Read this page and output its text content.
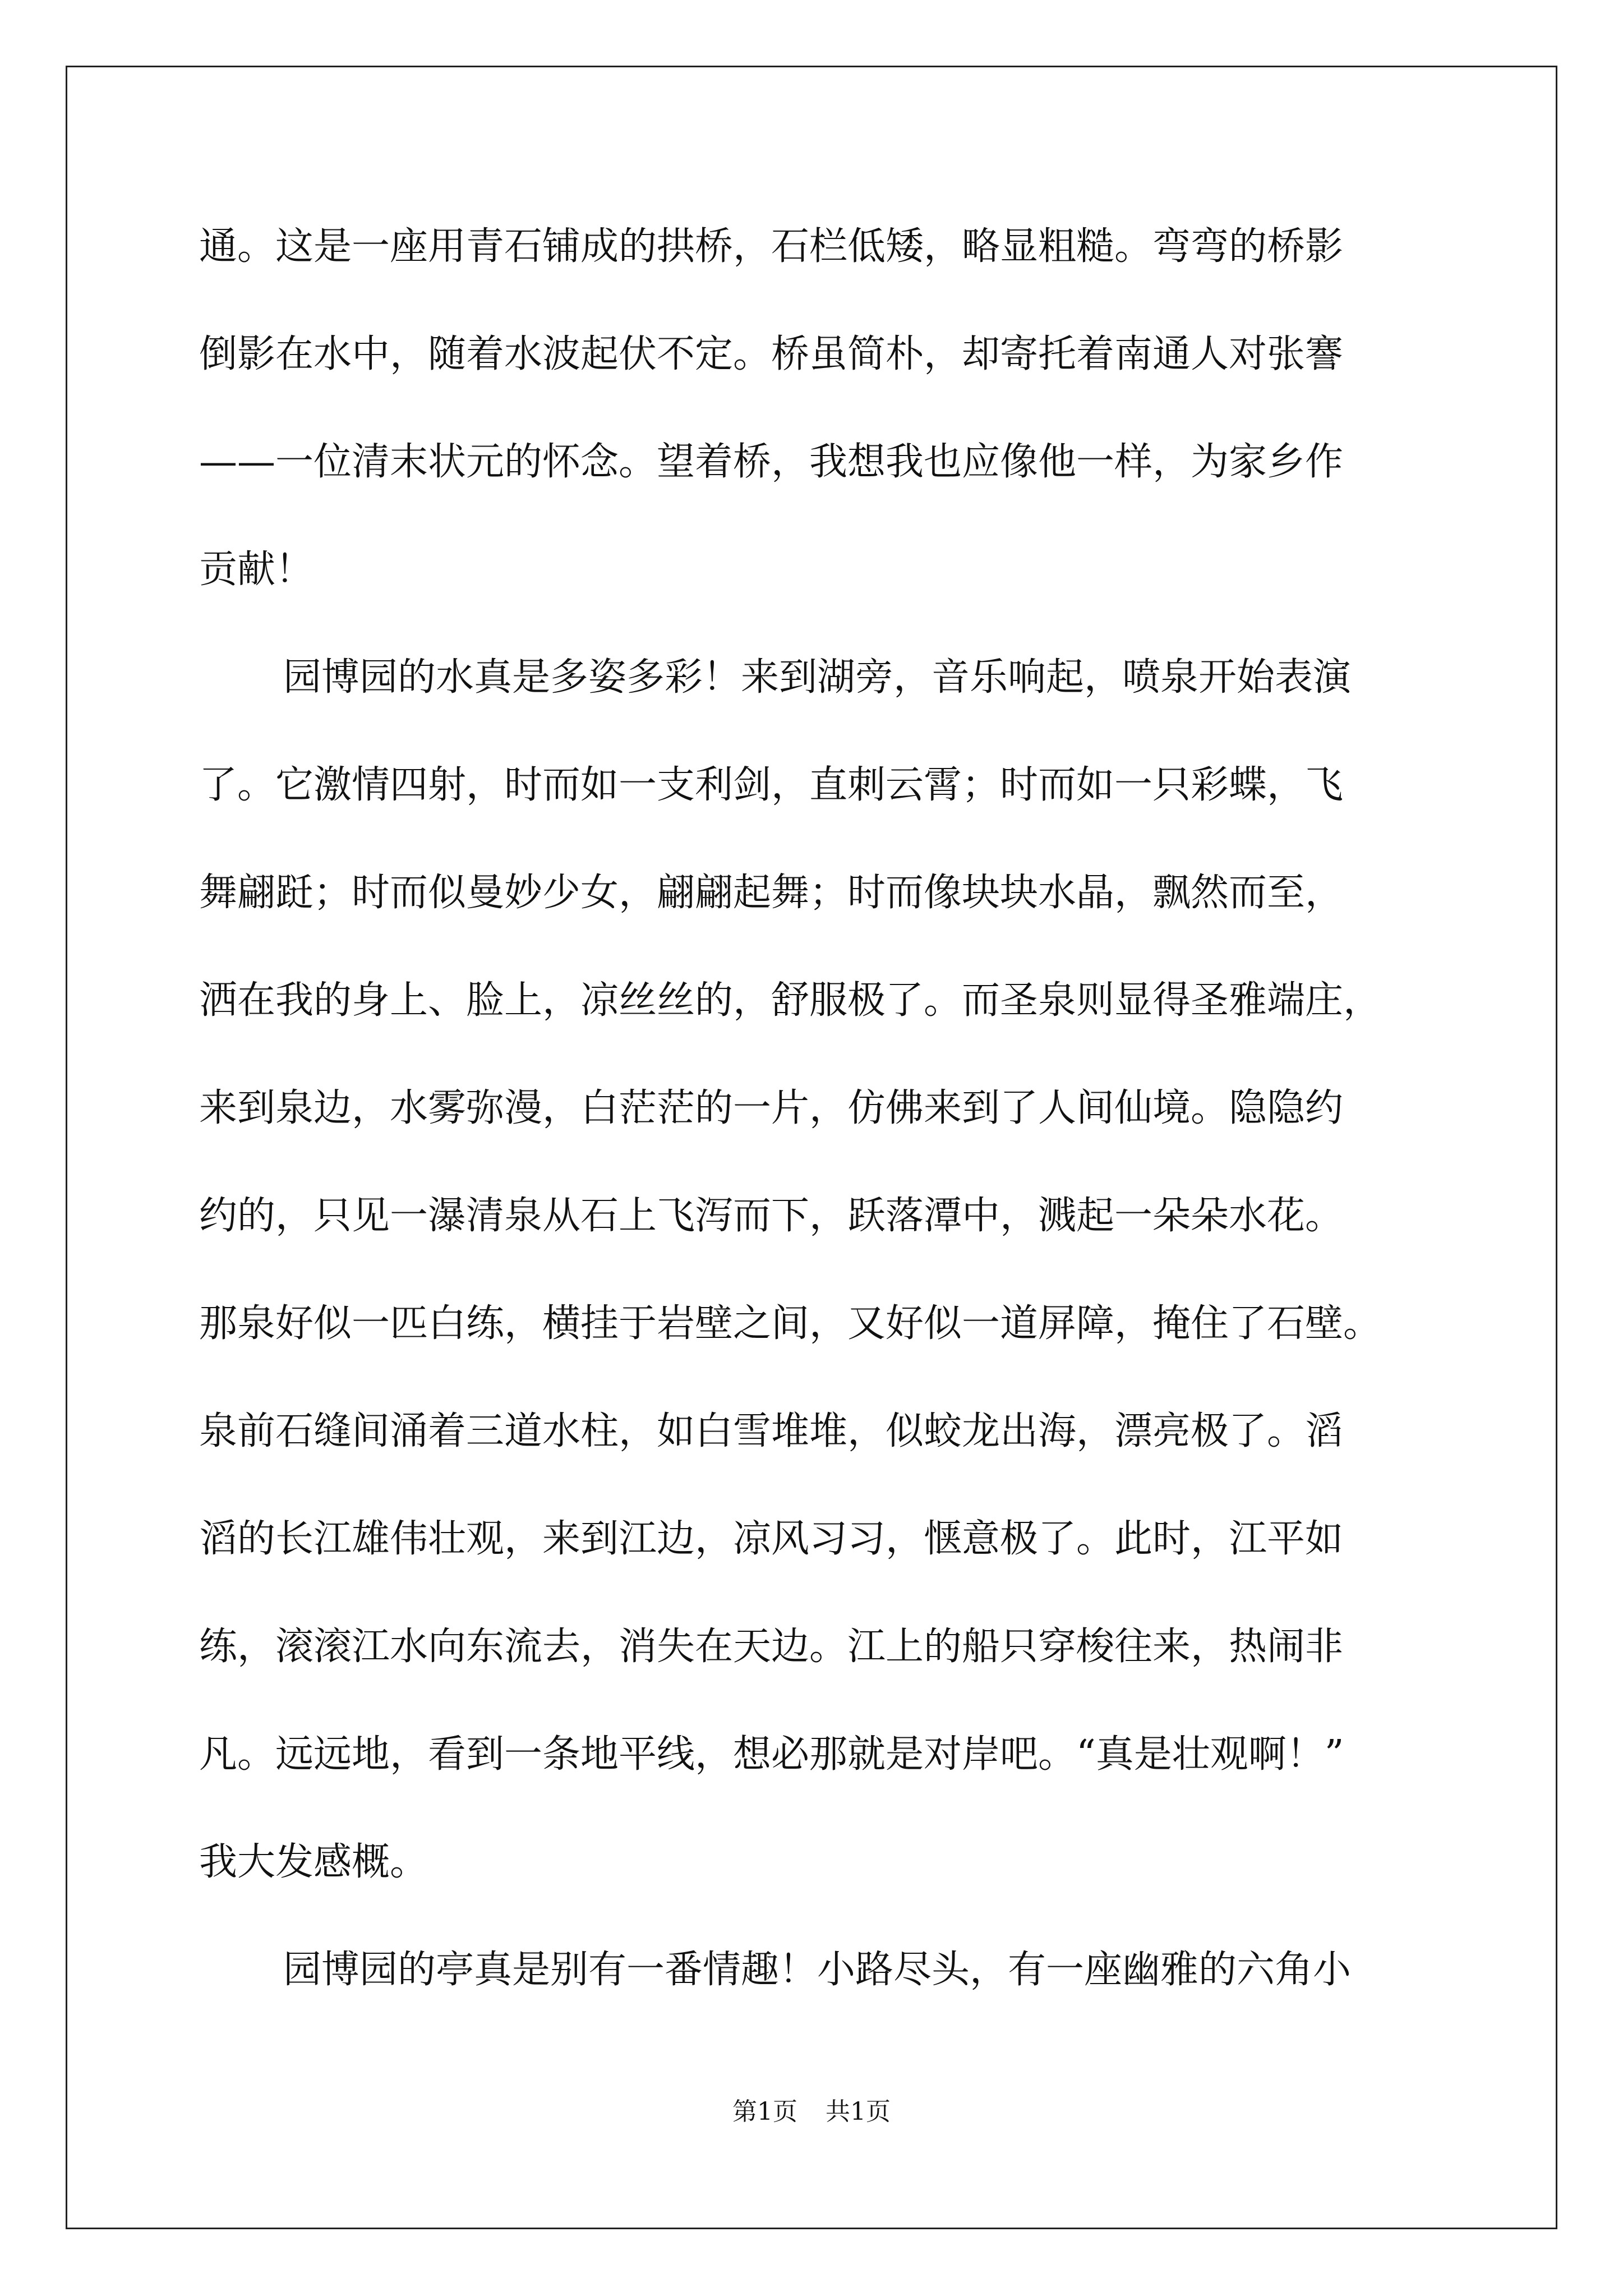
通。这是一座用青石铺成的拱桥，石栏低矮，略显粗糙。弯弯的桥影
倒影在水中，随着水波起伏不定。桥虽简朴，却寄托着南通人对张謇
——一位清末状元的怀念。望着桥，我想我也应像他一样，为家乡作
贡献！
园博园的水真是多姿多彩！来到湖旁，音乐响起，喷泉开始表演
了。它激情四射，时而如一支利剑，直刺云霄；时而如一只彩蝶，飞
舞翩跹；时而似曼妙少女，翩翩起舞；时而像块块水晶，飘然而至，
洒在我的身上、脸上，凉丝丝的，舒服极了。而圣泉则显得圣雅端庄，
来到泉边，水雾弥漫，白茫茫的一片，仿佛来到了人间仙境。隐隐约
约的，只见一瀑清泉从石上飞泻而下，跃落潭中，溅起一朵朵水花。
那泉好似一匹白练，横挂于岩壁之间，又好似一道屏障，掩住了石壁。
泉前石缝间涌着三道水柱，如白雪堆堆，似蛟龙出海，漂亮极了。滔
滔的长江雄伟壮观，来到江边，凉风习习，惬意极了。此时，江平如
练，滚滚江水向东流去，消失在天边。江上的船只穿梭往来，热闹非
凡。远远地，看到一条地平线，想必那就是对岸吧。“真是壮观啊！”
我大发感概。
园博园的亭真是别有一番情趣！小路尽头，有一座幽雅的六角小
第1页 共1页
